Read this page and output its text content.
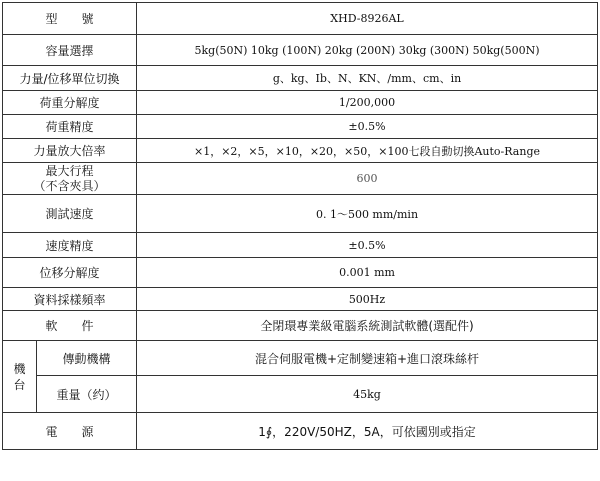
型　　號		XHD-8926AL
容量選擇		5kg(50N) 10kg (100N) 20kg (200N) 30kg (300N) 50kg(500N)
力量/位移單位切換		g、kg、Ib、N、KN、/mm、cm、in
荷重分解度		1/200,000
荷重精度		±0.5%
力量放大倍率		×1，×2，×5，×10，×20，×50，×100七段自動切換Auto-Range

最大行程
（不含夾具）		600
測試速度		0. 1～500 mm/min
速度精度		±0.5%
位移分解度		0.001 mm
資料採樣頻率		500Hz
軟　　件		全閉環專業級電腦系統測試軟體(選配件)

機
台	傳動機構	混合伺服電機+定制變速箱+進口滾珠絲杆
	重量（约）	45kg
電　　源		1∮，220V/50HZ，5A，可依國別或指定
